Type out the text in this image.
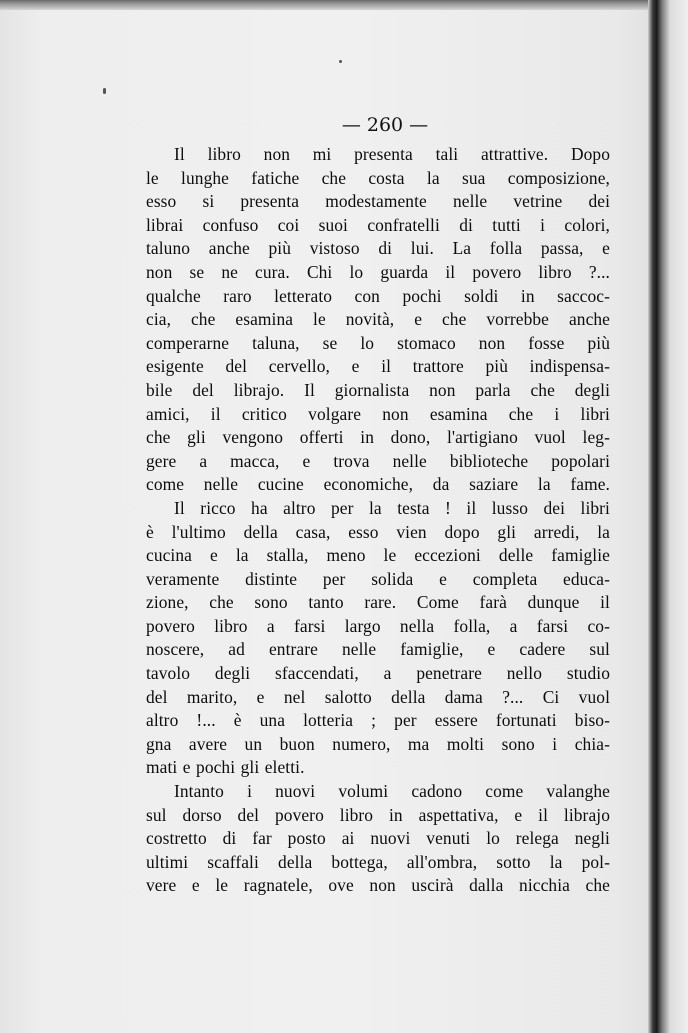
— 260 —

Il libro non mi presenta tali attrattive. Dopo
le lunghe fatiche che costa la sua composizione,
esso si presenta modestamente nelle vetrine dei
librai confuso coi suoi confratelli di tutti i colori,
taluno anche più vistoso di lui. La folla passa, e
non se ne cura. Chi lo guarda il povero libro ?...
qualche raro letterato con pochi soldi in saccoc-
cia, che esamina le novità, e che vorrebbe anche
comperarne taluna, se lo stomaco non fosse più
esigente del cervello, e il trattore più indispensa-
bile del librajo. Il giornalista non parla che degli
amici, il critico volgare non esamina che i libri
che gli vengono offerti in dono, l'artigiano vuol leg-
gere a macca, e trova nelle biblioteche popolari
come nelle cucine economiche, da saziare la fame.
Il ricco ha altro per la testa ! il lusso dei libri
è l'ultimo della casa, esso vien dopo gli arredi, la
cucina e la stalla, meno le eccezioni delle famiglie
veramente distinte per solida e completa educa-
zione, che sono tanto rare. Come farà dunque il
povero libro a farsi largo nella folla, a farsi co-
noscere, ad entrare nelle famiglie, e cadere sul
tavolo degli sfaccendati, a penetrare nello studio
del marito, e nel salotto della dama ?... Ci vuol
altro !... è una lotteria ; per essere fortunati biso-
gna avere un buon numero, ma molti sono i chia-
mati e pochi gli eletti.
Intanto i nuovi volumi cadono come valanghe
sul dorso del povero libro in aspettativa, e il librajo
costretto di far posto ai nuovi venuti lo relega negli
ultimi scaffali della bottega, all'ombra, sotto la pol-
vere e le ragnatele, ove non uscirà dalla nicchia che
